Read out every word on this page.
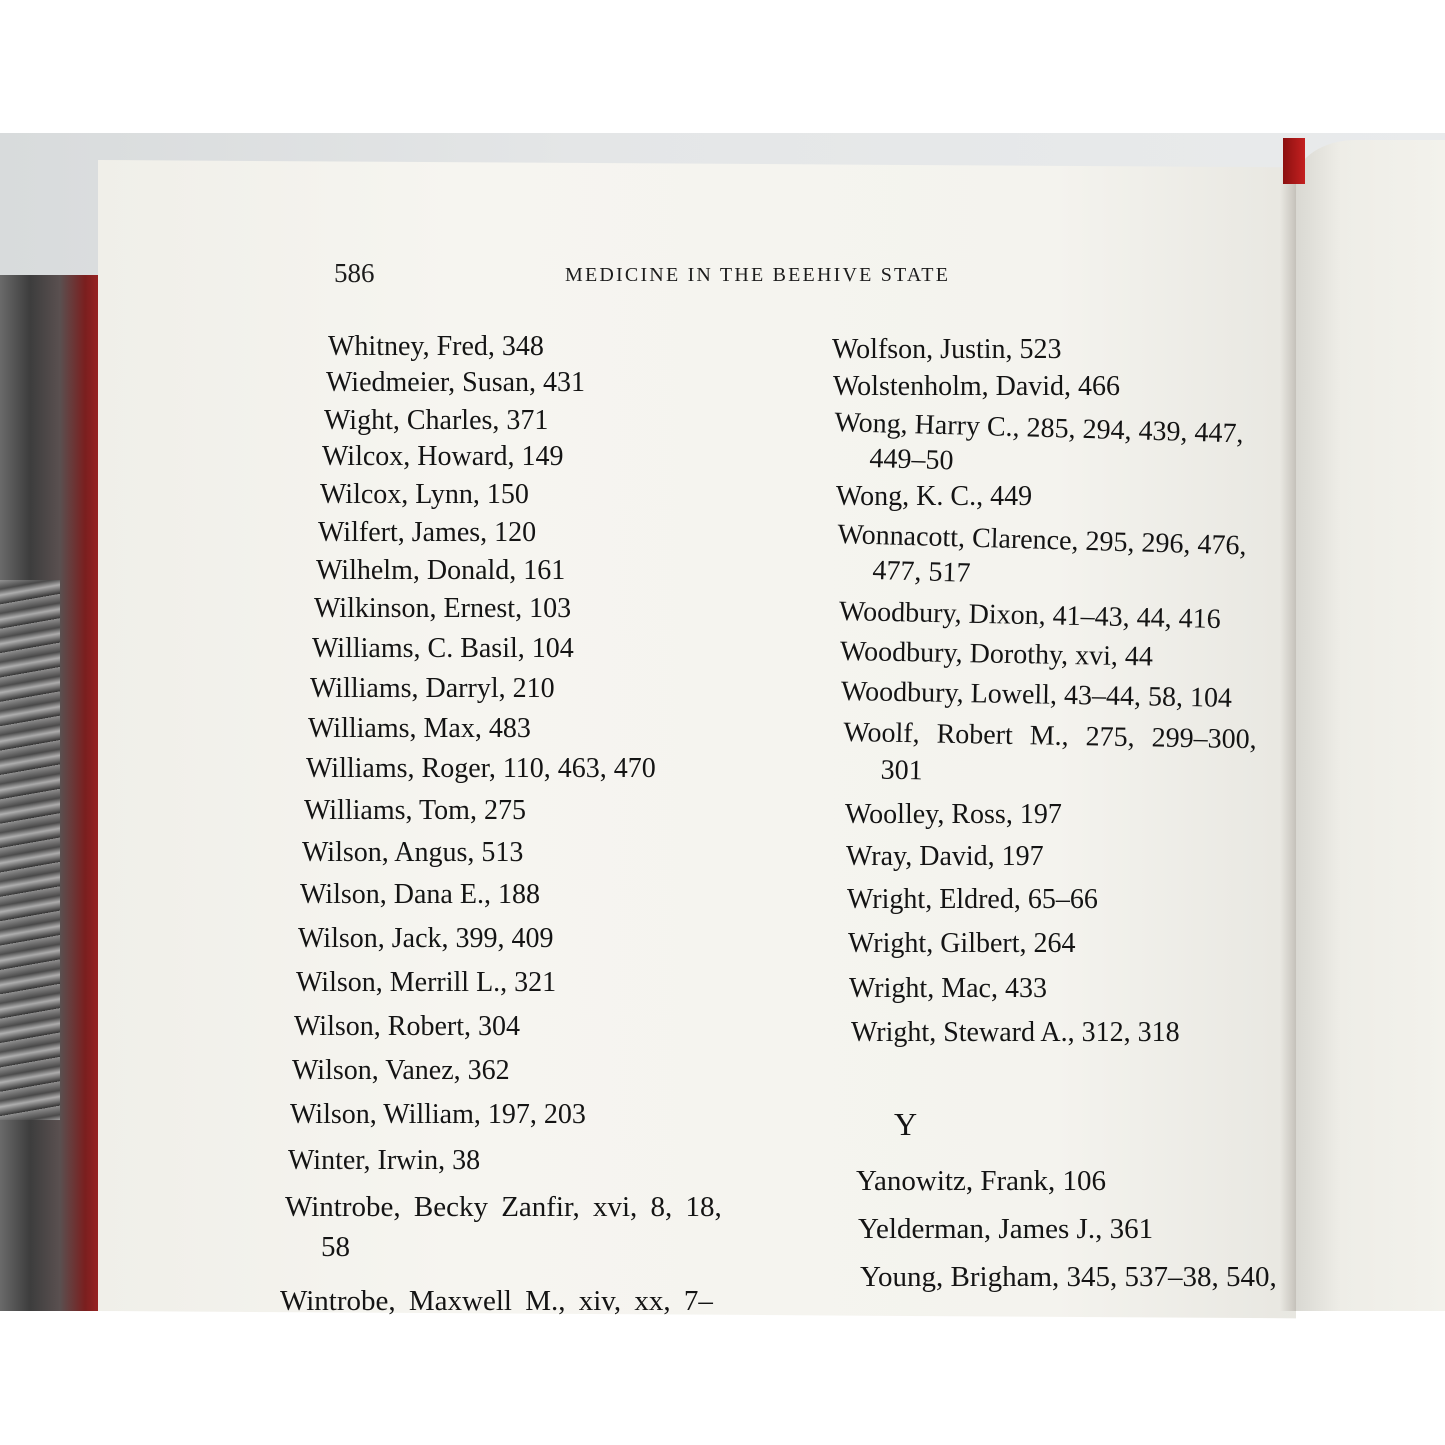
586	MEDICINE IN THE BEEHIVE STATE
Whitney, Fred, 348
Wiedmeier, Susan, 431
Wight, Charles, 371
Wilcox, Howard, 149
Wilcox, Lynn, 150
Wilfert, James, 120
Wilhelm, Donald, 161
Wilkinson, Ernest, 103
Williams, C. Basil, 104
Williams, Darryl, 210
Williams, Max, 483
Williams, Roger, 110, 463, 470
Williams, Tom, 275
Wilson, Angus, 513
Wilson, Dana E., 188
Wilson, Jack, 399, 409
Wilson, Merrill L., 321
Wilson, Robert, 304
Wilson, Vanez, 362
Wilson, William, 197, 203
Winter, Irwin, 38
Wintrobe, Becky Zanfir, xvi, 8, 18,
58
Wintrobe, Maxwell M., xiv, xx, 7–
Wolfson, Justin, 523
Wolstenholm, David, 466
Wong, Harry C., 285, 294, 439, 447,
449–50
Wong, K. C., 449
Wonnacott, Clarence, 295, 296, 476,
477, 517
Woodbury, Dixon, 41–43, 44, 416
Woodbury, Dorothy, xvi, 44
Woodbury, Lowell, 43–44, 58, 104
Woolf, Robert M., 275, 299–300,
301
Woolley, Ross, 197
Wray, David, 197
Wright, Eldred, 65–66
Wright, Gilbert, 264
Wright, Mac, 433
Wright, Steward A., 312, 318
Y
Yanowitz, Frank, 106
Yelderman, James J., 361
Young, Brigham, 345, 537–38, 540,
